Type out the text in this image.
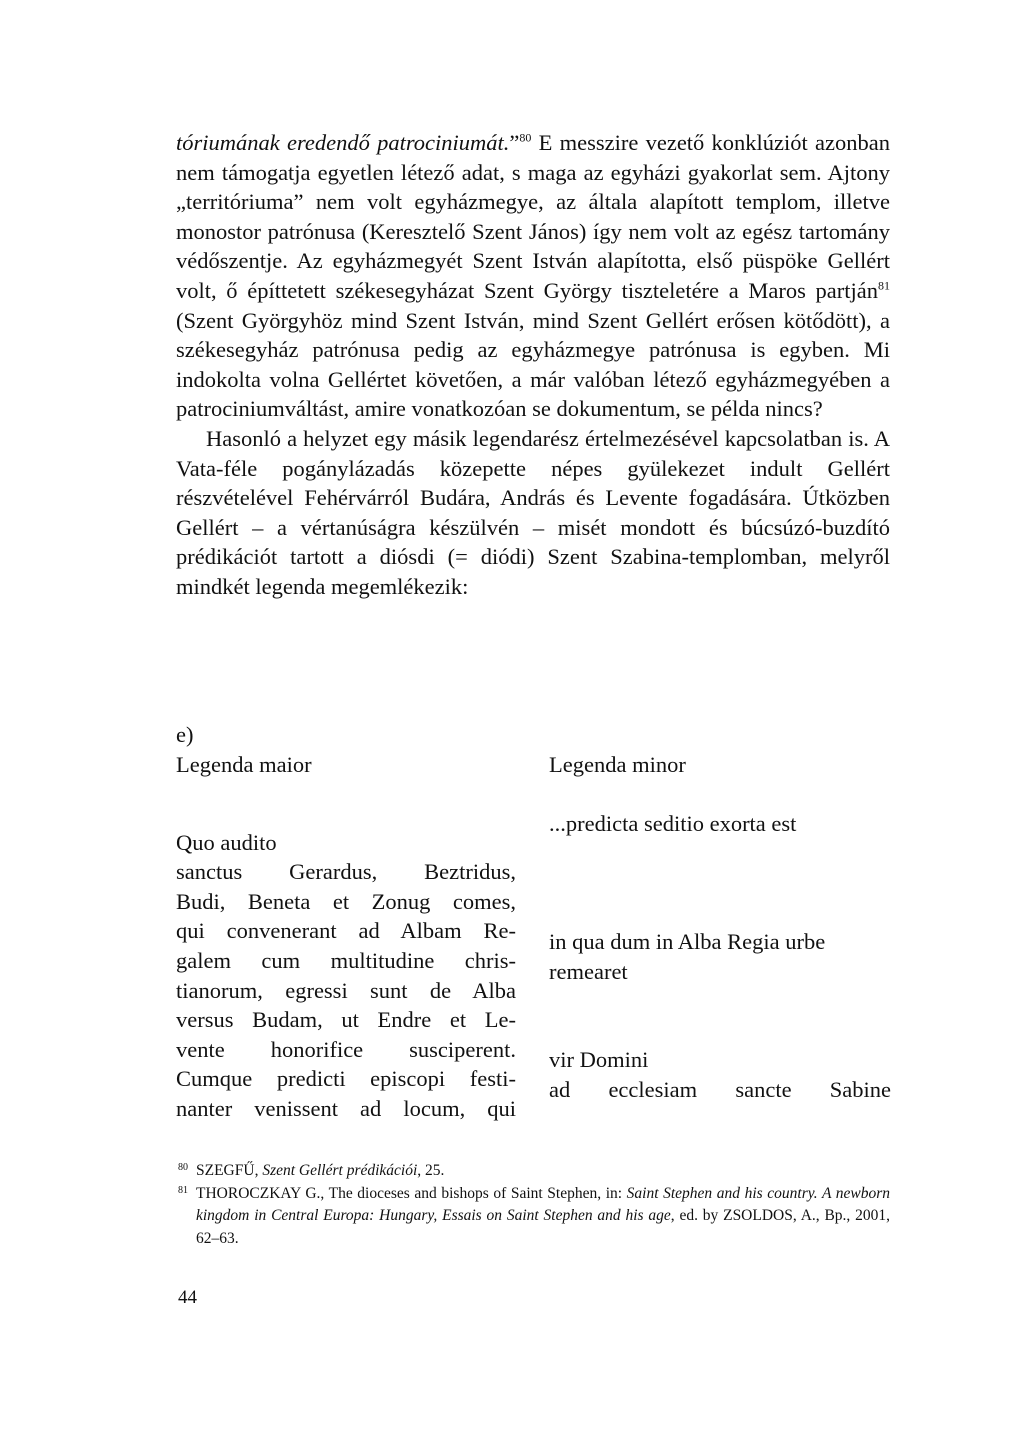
tóriumának eredendő patrociniumát.”$^{80}$ E messzire vezető konklúziót azonban nem támogatja egyetlen létező adat, s maga az egyházi gyakorlat sem. Ajtony „territóriuma” nem volt egyházmegye, az általa alapított templom, illetve monostor patrónusa (Keresztelő Szent János) így nem volt az egész tartomány védőszentje. Az egyházmegyét Szent István alapította, első püspöke Gellért volt, ő építtetett székesegyházat Szent György tiszteletére a Maros partján$^{81}$ (Szent Györgyhöz mind Szent István, mind Szent Gellért erősen kötődött), a székesegyház patrónusa pedig az egyházmegye patrónusa is egyben. Mi indokolta volna Gellértet követően, a már valóban létező egyházmegyében a patrociniumváltást, amire vonatkozóan se dokumentum, se példa nincs?

Hasonló a helyzet egy másik legendarész értelmezésével kapcsolatban is. A Vata-féle pogánylázadás közepette népes gyülekezet indult Gellért részvételével Fehérvárról Budára, András és Levente fogadására. Útközben Gellért – a vértanúságra készülvén – misét mondott és búcsúzó-buzdító prédikációt tartott a diósdi (= diódi) Szent Szabina-templomban, melyről mindkét legenda megemlékezik:

e)
Legenda maior
Quo audito
sanctus Gerardus, Beztridus,
Budi, Beneta et Zonug comes,
qui convenerant ad Albam Re-
galem cum multitudine chris-
tianorum, egressi sunt de Alba
versus Budam, ut Endre et Le-
vente honorifice susciperent.
Cumque predicti episcopi festi-
nanter venissent ad locum, qui
Legenda minor
...predicta seditio exorta est
in qua dum in Alba Regia urbe
remearet
vir Domini
ad ecclesiam sancte Sabine
80 SZEGFŰ, Szent Gellért prédikációi, 25.
81 THOROCZKAY G., The dioceses and bishops of Saint Stephen, in: Saint Stephen and his country. A newborn kingdom in Central Europa: Hungary, Essais on Saint Stephen and his age, ed. by ZSOLDOS, A., Bp., 2001, 62–63.
44
